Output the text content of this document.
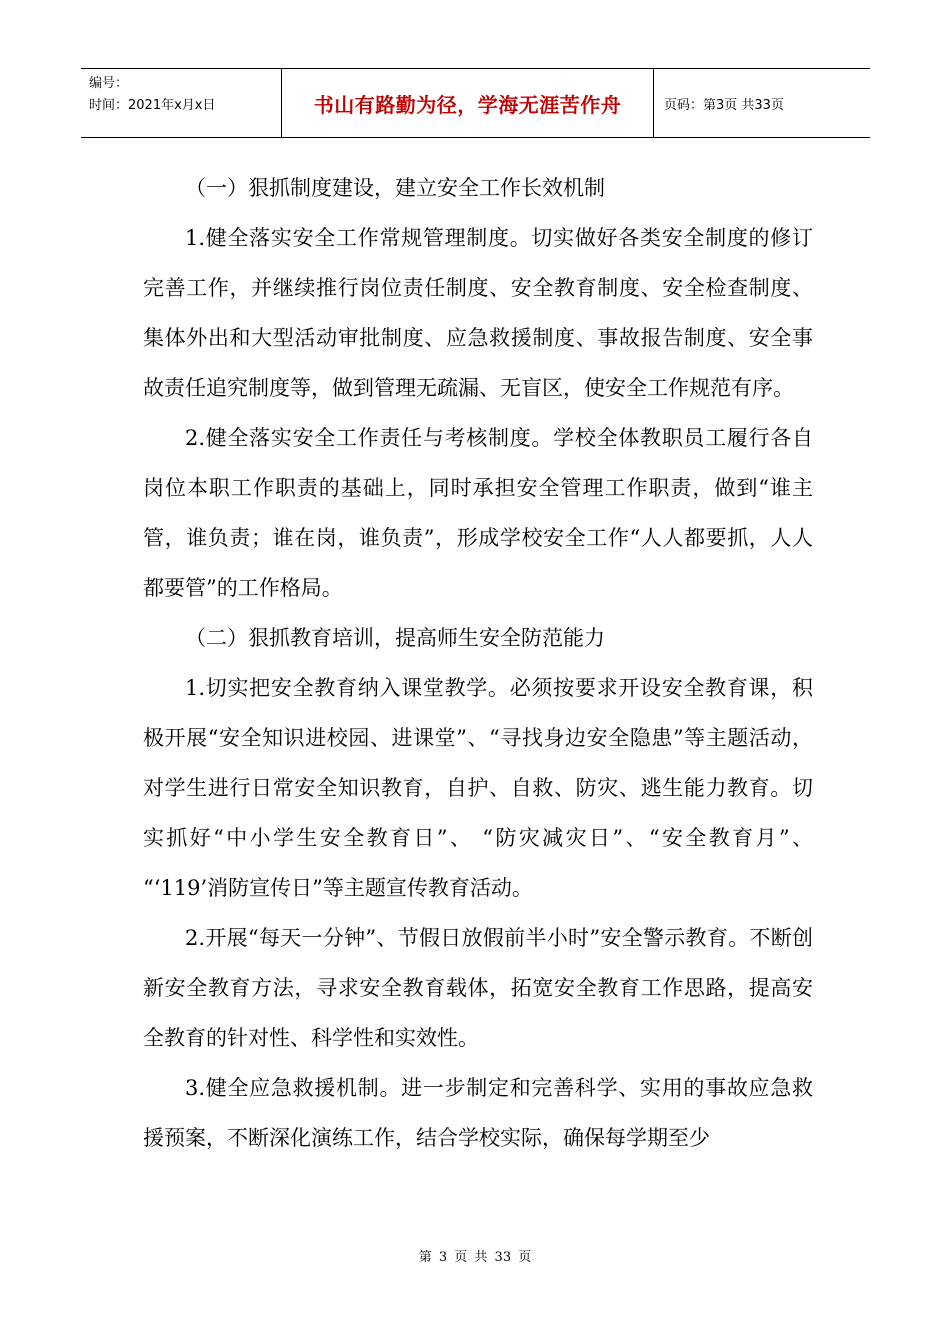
编号：
时间：2021年x月x日	书山有路勤为径，学海无涯苦作舟	页码：第3页 共33页

（一）狠抓制度建设，建立安全工作长效机制

1.健全落实安全工作常规管理制度。切实做好各类安全制度的修订完善工作，并继续推行岗位责任制度、安全教育制度、安全检查制度、集体外出和大型活动审批制度、应急救援制度、事故报告制度、安全事故责任追究制度等，做到管理无疏漏、无盲区，使安全工作规范有序。

2.健全落实安全工作责任与考核制度。学校全体教职员工履行各自岗位本职工作职责的基础上，同时承担安全管理工作职责，做到“谁主管，谁负责；谁在岗，谁负责”，形成学校安全工作“人人都要抓，人人都要管”的工作格局。

（二）狠抓教育培训，提高师生安全防范能力

1.切实把安全教育纳入课堂教学。必须按要求开设安全教育课，积极开展“安全知识进校园、进课堂”、“寻找身边安全隐患”等主题活动，对学生进行日常安全知识教育，自护、自救、防灾、逃生能力教育。切实抓好“中小学生安全教育日”、 “防灾减灾日”、“安全教育月”、 “‘119’消防宣传日”等主题宣传教育活动。

2.开展“每天一分钟”、节假日放假前半小时”安全警示教育。不断创新安全教育方法，寻求安全教育载体，拓宽安全教育工作思路，提高安全教育的针对性、科学性和实效性。

3.健全应急救援机制。进一步制定和完善科学、实用的事故应急救援预案，不断深化演练工作，结合学校实际，确保每学期至少

第 3 页 共 33 页
